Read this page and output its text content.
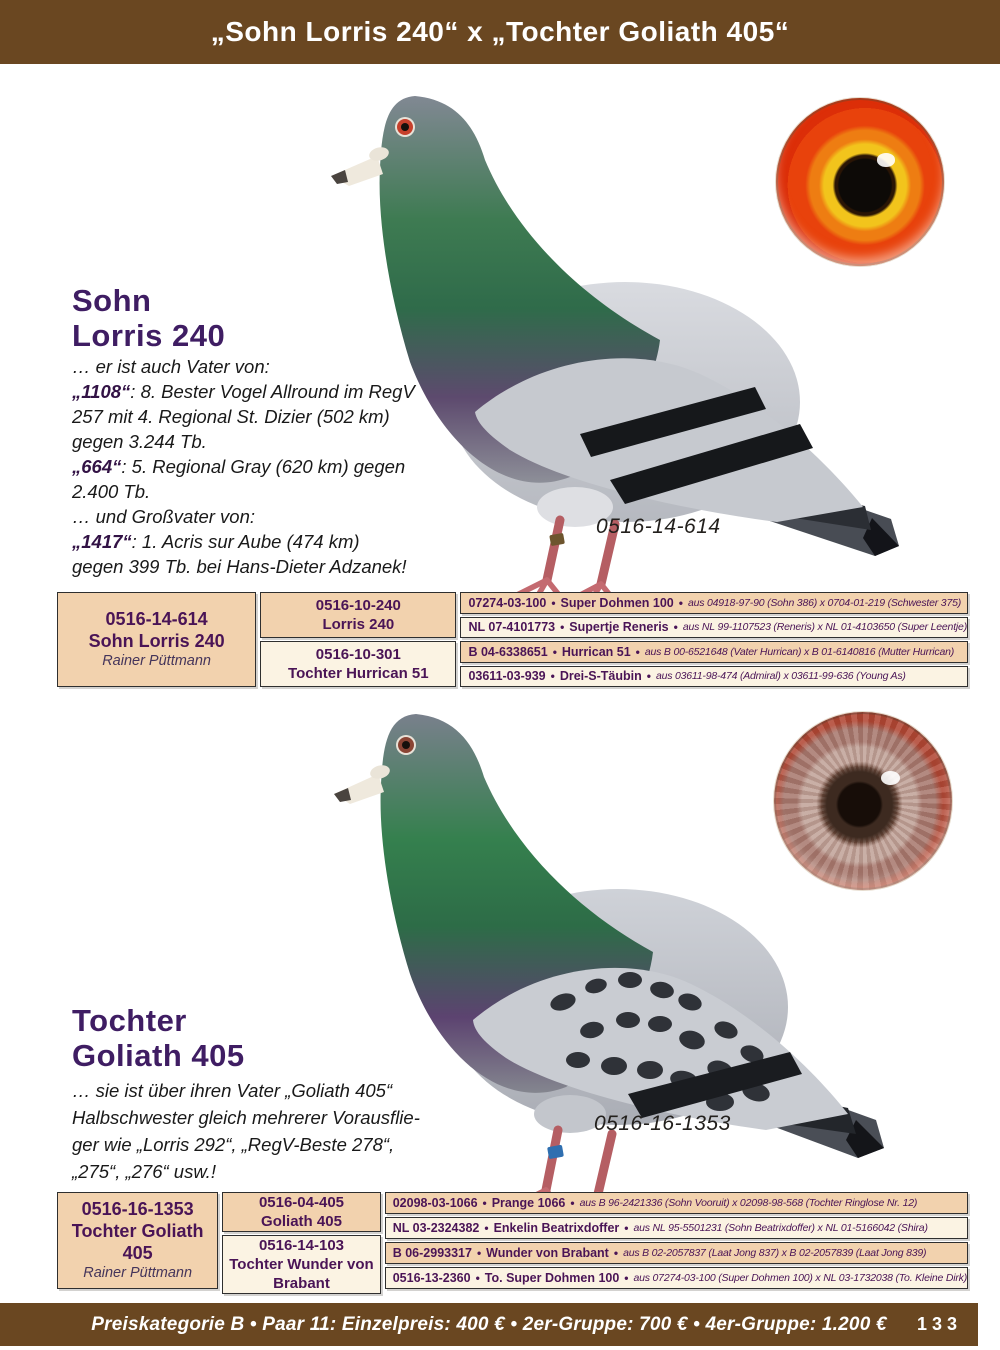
„Sohn Lorris 240“ x „Tochter Goliath 405“
Sohn
Lorris 240
… er ist auch Vater von:
„1108“: 8. Bester Vogel Allround im RegV
257 mit 4. Regional St. Dizier (502 km)
gegen 3.244 Tb.
„664“: 5. Regional Gray (620 km) gegen
2.400 Tb.
… und Großvater von:
„1417“: 1. Acris sur Aube (474 km)
gegen 399 Tb. bei Hans-Dieter Adzanek!
0516-14-614
0516-14-614
Sohn Lorris 240
Rainer Püttmann
0516-10-240
Lorris 240
0516-10-301
Tochter Hurrican 51
07274-03-100 • Super Dohmen 100 • aus 04918-97-90 (Sohn 386) x 0704-01-219 (Schwester 375)
NL 07-4101773 • Supertje Reneris • aus NL 99-1107523 (Reneris) x NL 01-4103650 (Super Leentje)
B 04-6338651 • Hurrican 51 • aus B 00-6521648 (Vater Hurrican) x B 01-6140816 (Mutter Hurrican)
03611-03-939 • Drei-S-Täubin • aus 03611-98-474 (Admiral) x 03611-99-636 (Young As)
Tochter
Goliath 405
… sie ist über ihren Vater „Goliath 405“
Halbschwester gleich mehrerer Vorausflie-
ger wie „Lorris 292“, „RegV-Beste 278“,
„275“, „276“ usw.!
0516-16-1353
0516-16-1353
Tochter Goliath 405
Rainer Püttmann
0516-04-405
Goliath 405
0516-14-103
Tochter Wunder von Brabant
02098-03-1066 • Prange 1066 • aus B 96-2421336 (Sohn Vooruit) x 02098-98-568 (Tochter Ringlose Nr. 12)
NL 03-2324382 • Enkelin Beatrixdoffer • aus NL 95-5501231 (Sohn Beatrixdoffer) x NL 01-5166042 (Shira)
B 06-2993317 • Wunder von Brabant • aus B 02-2057837 (Laat Jong 837) x B 02-2057839 (Laat Jong 839)
0516-13-2360 • To. Super Dohmen 100 • aus 07274-03-100 (Super Dohmen 100) x NL 03-1732038 (To. Kleine Dirk)
Preiskategorie B • Paar 11: Einzelpreis: 400 € • 2er-Gruppe: 700 € • 4er-Gruppe: 1.200 € 133
